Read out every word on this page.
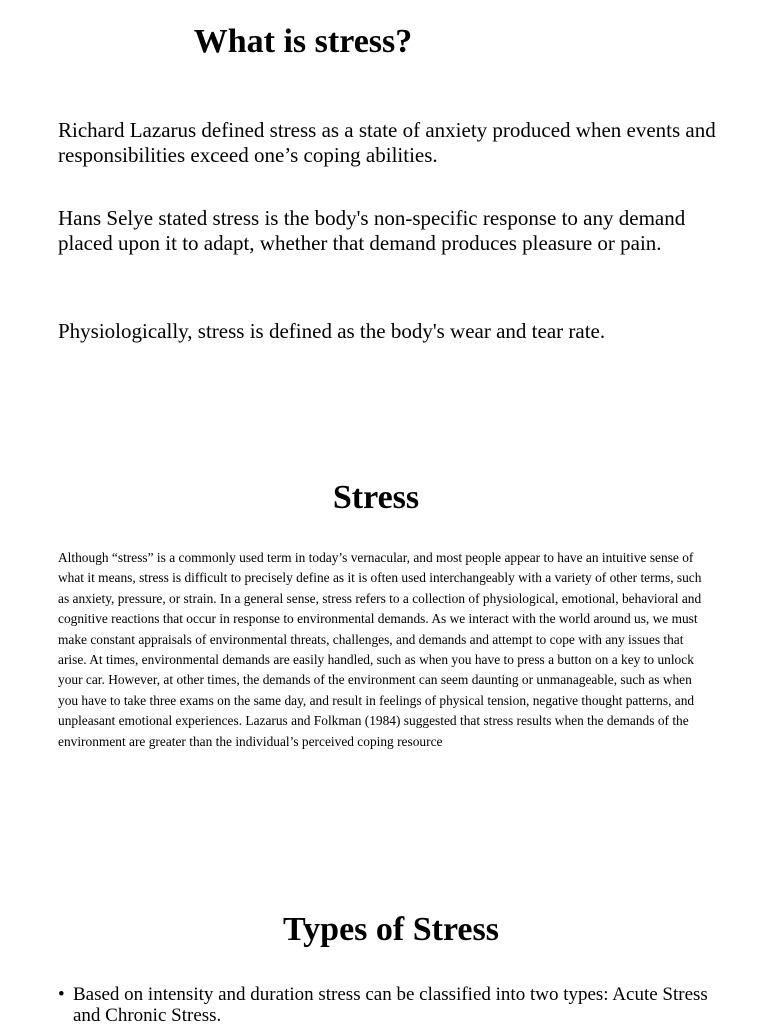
What is stress?

Richard Lazarus defined stress as a state of anxiety produced when events and responsibilities exceed one’s coping abilities.

Hans Selye stated stress is the body's non-specific response to any demand placed upon it to adapt, whether that demand produces pleasure or pain.

Physiologically, stress is defined as the body's wear and tear rate.

Stress

Although “stress” is a commonly used term in today’s vernacular, and most people appear to have an intuitive sense of what it means, stress is difficult to precisely define as it is often used interchangeably with a variety of other terms, such as anxiety, pressure, or strain. In a general sense, stress refers to a collection of physiological, emotional, behavioral and cognitive reactions that occur in response to environmental demands. As we interact with the world around us, we must make constant appraisals of environmental threats, challenges, and demands and attempt to cope with any issues that arise. At times, environmental demands are easily handled, such as when you have to press a button on a key to unlock your car. However, at other times, the demands of the environment can seem daunting or unmanageable, such as when you have to take three exams on the same day, and result in feelings of physical tension, negative thought patterns, and unpleasant emotional experiences. Lazarus and Folkman (1984) suggested that stress results when the demands of the environment are greater than the individual’s perceived coping resource

Types of Stress
• Based on intensity and duration stress can be classified into two types: Acute Stress and Chronic Stress.
